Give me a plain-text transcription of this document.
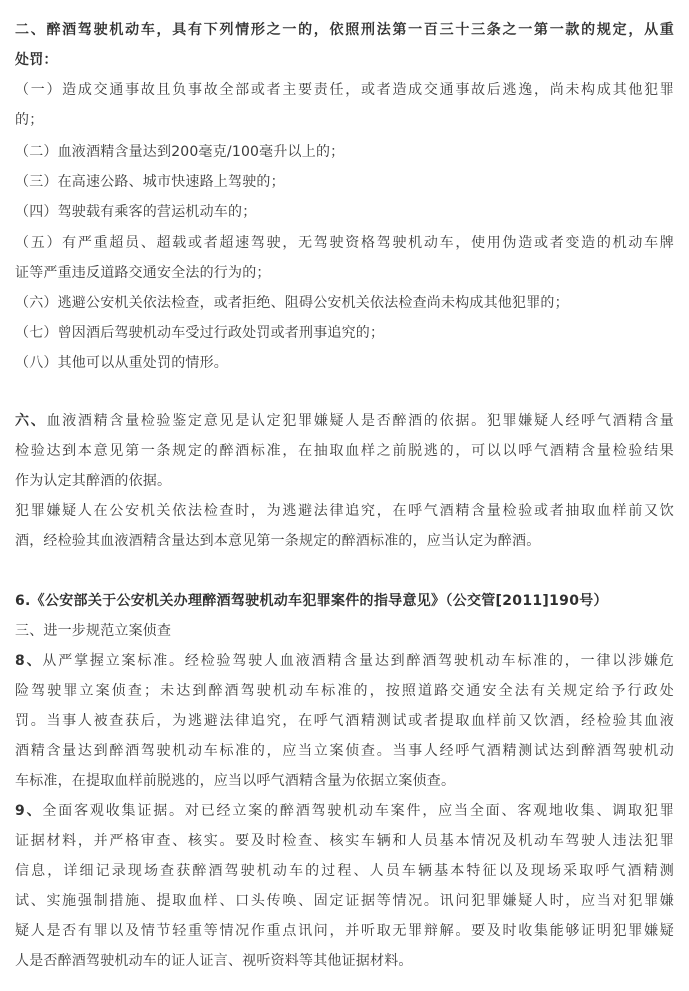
二、醉酒驾驶机动车，具有下列情形之一的，依照刑法第一百三十三条之一第一款的规定，从重
处罚：
（一）造成交通事故且负事故全部或者主要责任，或者造成交通事故后逃逸，尚未构成其他犯罪
的；
（二）血液酒精含量达到200毫克/100毫升以上的；
（三）在高速公路、城市快速路上驾驶的；
（四）驾驶载有乘客的营运机动车的；
（五）有严重超员、超载或者超速驾驶，无驾驶资格驾驶机动车，使用伪造或者变造的机动车牌
证等严重违反道路交通安全法的行为的；
（六）逃避公安机关依法检查，或者拒绝、阻碍公安机关依法检查尚未构成其他犯罪的；
（七）曾因酒后驾驶机动车受过行政处罚或者刑事追究的；
（八）其他可以从重处罚的情形。
六、血液酒精含量检验鉴定意见是认定犯罪嫌疑人是否醉酒的依据。犯罪嫌疑人经呼气酒精含量
检验达到本意见第一条规定的醉酒标准，在抽取血样之前脱逃的，可以以呼气酒精含量检验结果
作为认定其醉酒的依据。
犯罪嫌疑人在公安机关依法检查时，为逃避法律追究，在呼气酒精含量检验或者抽取血样前又饮
酒，经检验其血液酒精含量达到本意见第一条规定的醉酒标准的，应当认定为醉酒。
6.《公安部关于公安机关办理醉酒驾驶机动车犯罪案件的指导意见》（公交管[2011]190号）
三、进一步规范立案侦查
8、从严掌握立案标准。经检验驾驶人血液酒精含量达到醉酒驾驶机动车标准的，一律以涉嫌危
险驾驶罪立案侦查；未达到醉酒驾驶机动车标准的，按照道路交通安全法有关规定给予行政处
罚。当事人被查获后，为逃避法律追究，在呼气酒精测试或者提取血样前又饮酒，经检验其血液
酒精含量达到醉酒驾驶机动车标准的，应当立案侦查。当事人经呼气酒精测试达到醉酒驾驶机动
车标准，在提取血样前脱逃的，应当以呼气酒精含量为依据立案侦查。
9、全面客观收集证据。对已经立案的醉酒驾驶机动车案件，应当全面、客观地收集、调取犯罪
证据材料，并严格审查、核实。要及时检查、核实车辆和人员基本情况及机动车驾驶人违法犯罪
信息，详细记录现场查获醉酒驾驶机动车的过程、人员车辆基本特征以及现场采取呼气酒精测
试、实施强制措施、提取血样、口头传唤、固定证据等情况。讯问犯罪嫌疑人时，应当对犯罪嫌
疑人是否有罪以及情节轻重等情况作重点讯问，并听取无罪辩解。要及时收集能够证明犯罪嫌疑
人是否醉酒驾驶机动车的证人证言、视听资料等其他证据材料。
